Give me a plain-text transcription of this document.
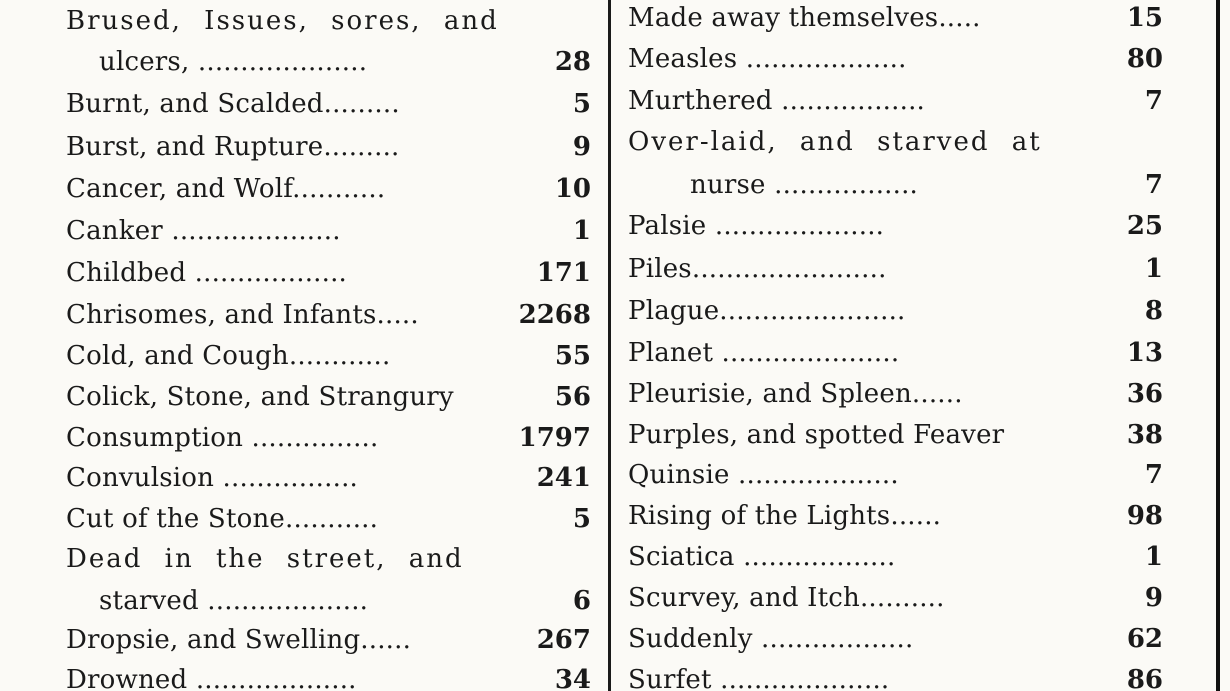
Brused, Issues, sores, and
ulcers, ....................	28
Burnt, and Scalded.........	5
Burst, and Rupture.........	9
Cancer, and Wolf...........	10
Canker ....................	1
Childbed ..................	171
Chrisomes, and Infants.....	2268
Cold, and Cough............	55
Colick, Stone, and Strangury	56
Consumption ...............	1797
Convulsion ................	241
Cut of the Stone...........	5
Dead in the street, and
starved ...................	6
Dropsie, and Swelling......	267
Drowned ...................	34
Made away themselves.....	15
Measles ...................	80
Murthered .................	7
Over-laid, and starved at
nurse .................	7
Palsie ....................	25
Piles.......................	1
Plague......................	8
Planet .....................	13
Pleurisie, and Spleen......	36
Purples, and spotted Feaver	38
Quinsie ...................	7
Rising of the Lights......	98
Sciatica ..................	1
Scurvey, and Itch..........	9
Suddenly ..................	62
Surfet ....................	86
